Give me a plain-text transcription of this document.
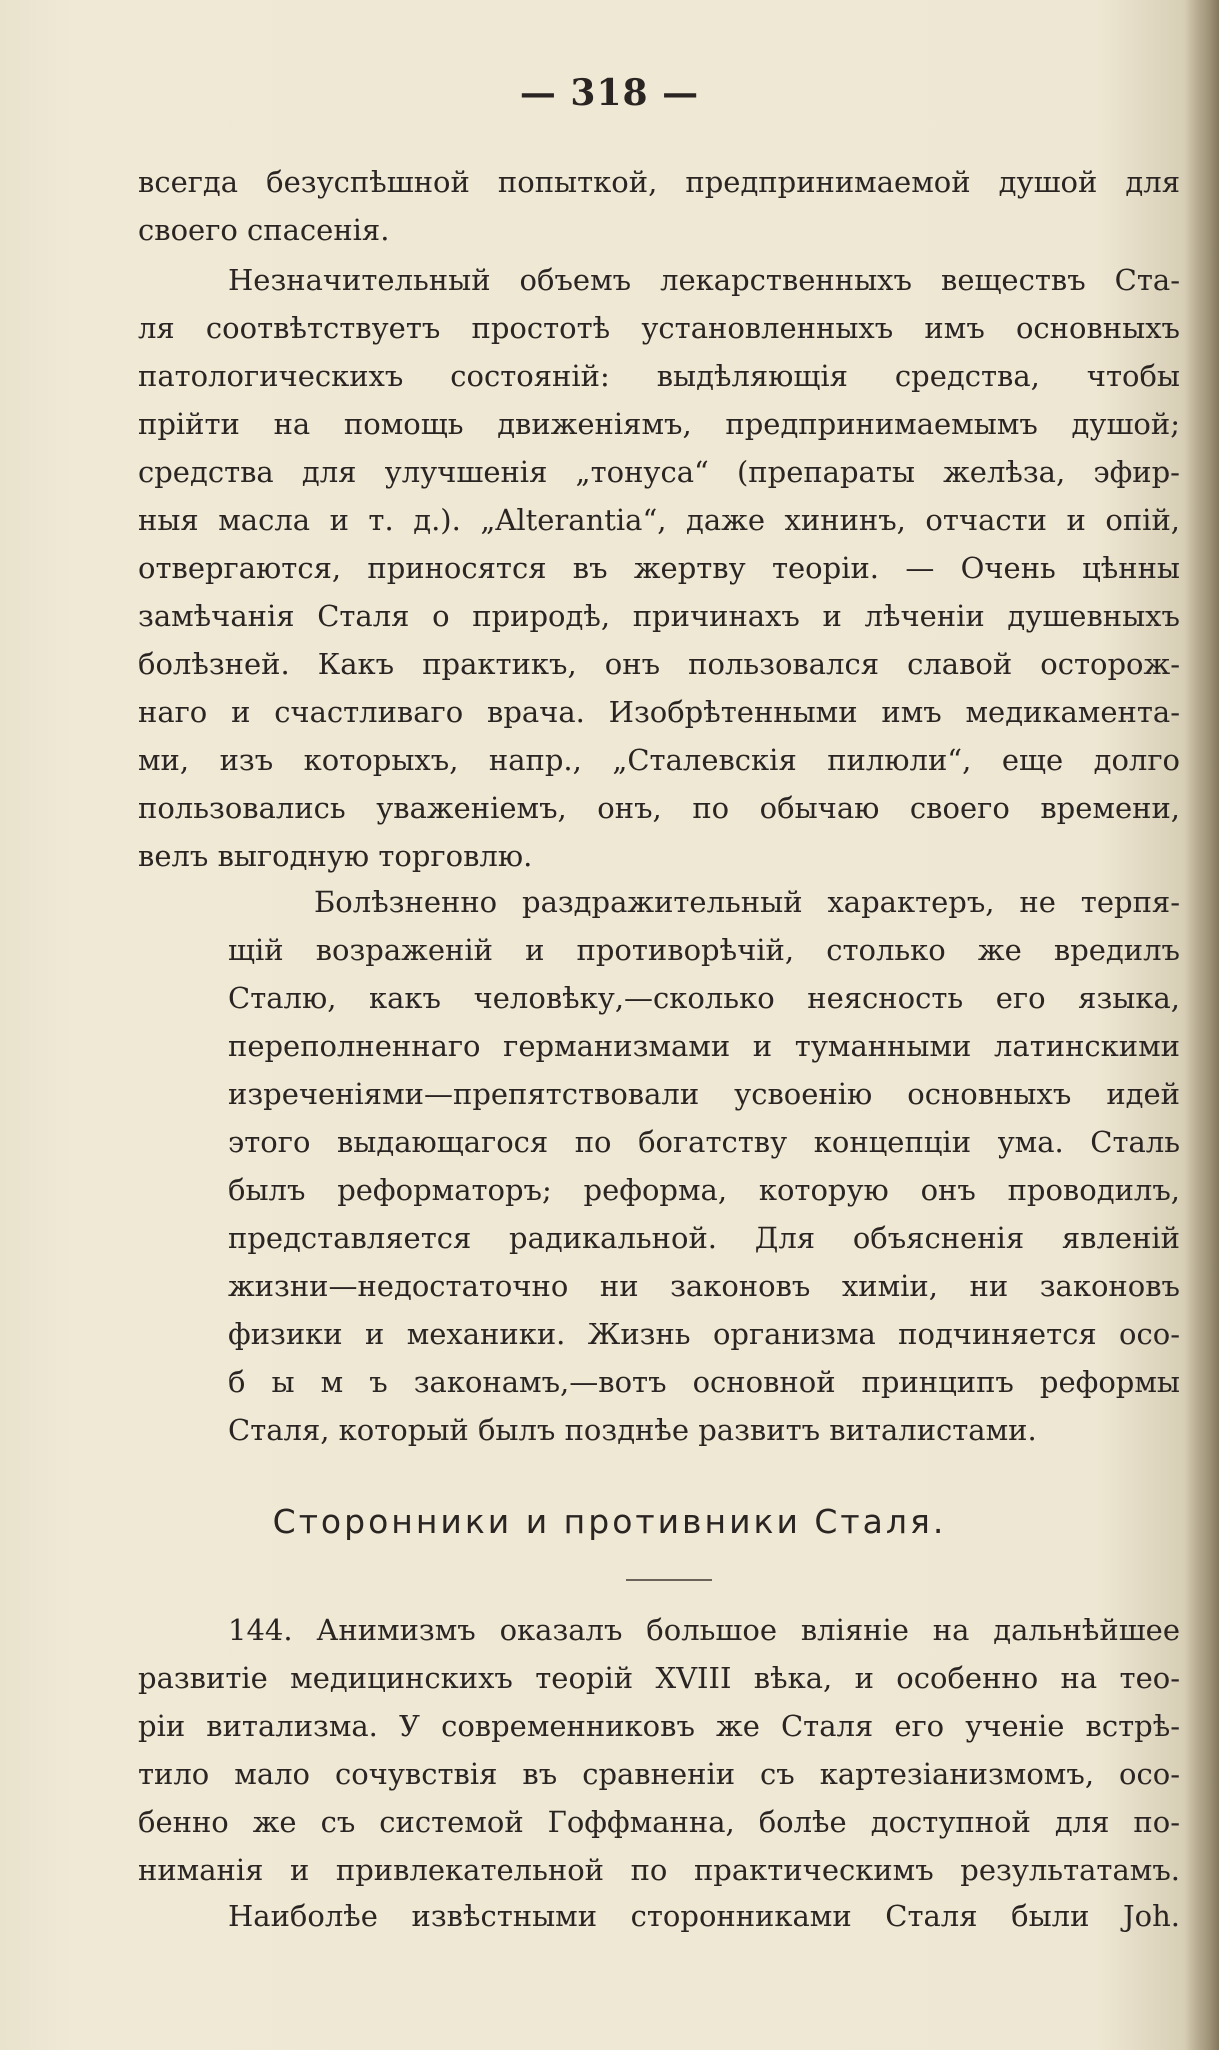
— 318 —
всегда безуспѣшной попыткой, предпринимаемой душой для
своего спасенія.
Незначительный объемъ лекарственныхъ веществъ Ста-
ля соотвѣтствуетъ простотѣ установленныхъ имъ основныхъ
патологическихъ состояній: выдѣляющія средства, чтобы
прійти на помощь движеніямъ, предпринимаемымъ душой;
средства для улучшенія „тонуса“ (препараты желѣза, эфир-
ныя масла и т. д.). „Alterantia“, даже хининъ, отчасти и опій,
отвергаются, приносятся въ жертву теоріи. — Очень цѣнны
замѣчанія Сталя о природѣ, причинахъ и лѣченіи душевныхъ
болѣзней. Какъ практикъ, онъ пользовался славой осторож-
наго и счастливаго врача. Изобрѣтенными имъ медикамента-
ми, изъ которыхъ, напр., „Сталевскія пилюли“, еще долго
пользовались уваженіемъ, онъ, по обычаю своего времени,
велъ выгодную торговлю.
Болѣзненно раздражительный характеръ, не терпя-
щій возраженій и противорѣчій, столько же вредилъ
Сталю, какъ человѣку,—сколько неясность его языка,
переполненнаго германизмами и туманными латинскими
изреченіями—препятствовали усвоенію основныхъ идей
этого выдающагося по богатству концепціи ума. Сталь
былъ реформаторъ; реформа, которую онъ проводилъ,
представляется радикальной. Для объясненія явленій
жизни—недостаточно ни законовъ химіи, ни законовъ
физики и механики. Жизнь организма подчиняется осо-
б ы м ъ законамъ,—вотъ основной принципъ реформы
Сталя, который былъ позднѣе развитъ виталистами.
Сторонники и противники Сталя.
144. Анимизмъ оказалъ большое вліяніе на дальнѣйшее
развитіе медицинскихъ теорій XVIII вѣка, и особенно на тео-
ріи витализма. У современниковъ же Сталя его ученіе встрѣ-
тило мало сочувствія въ сравненіи съ картезіанизмомъ, осо-
бенно же съ системой Гоффманна, болѣе доступной для по-
ниманія и привлекательной по практическимъ результатамъ.
Наиболѣе извѣстными сторонниками Сталя были Joh.
